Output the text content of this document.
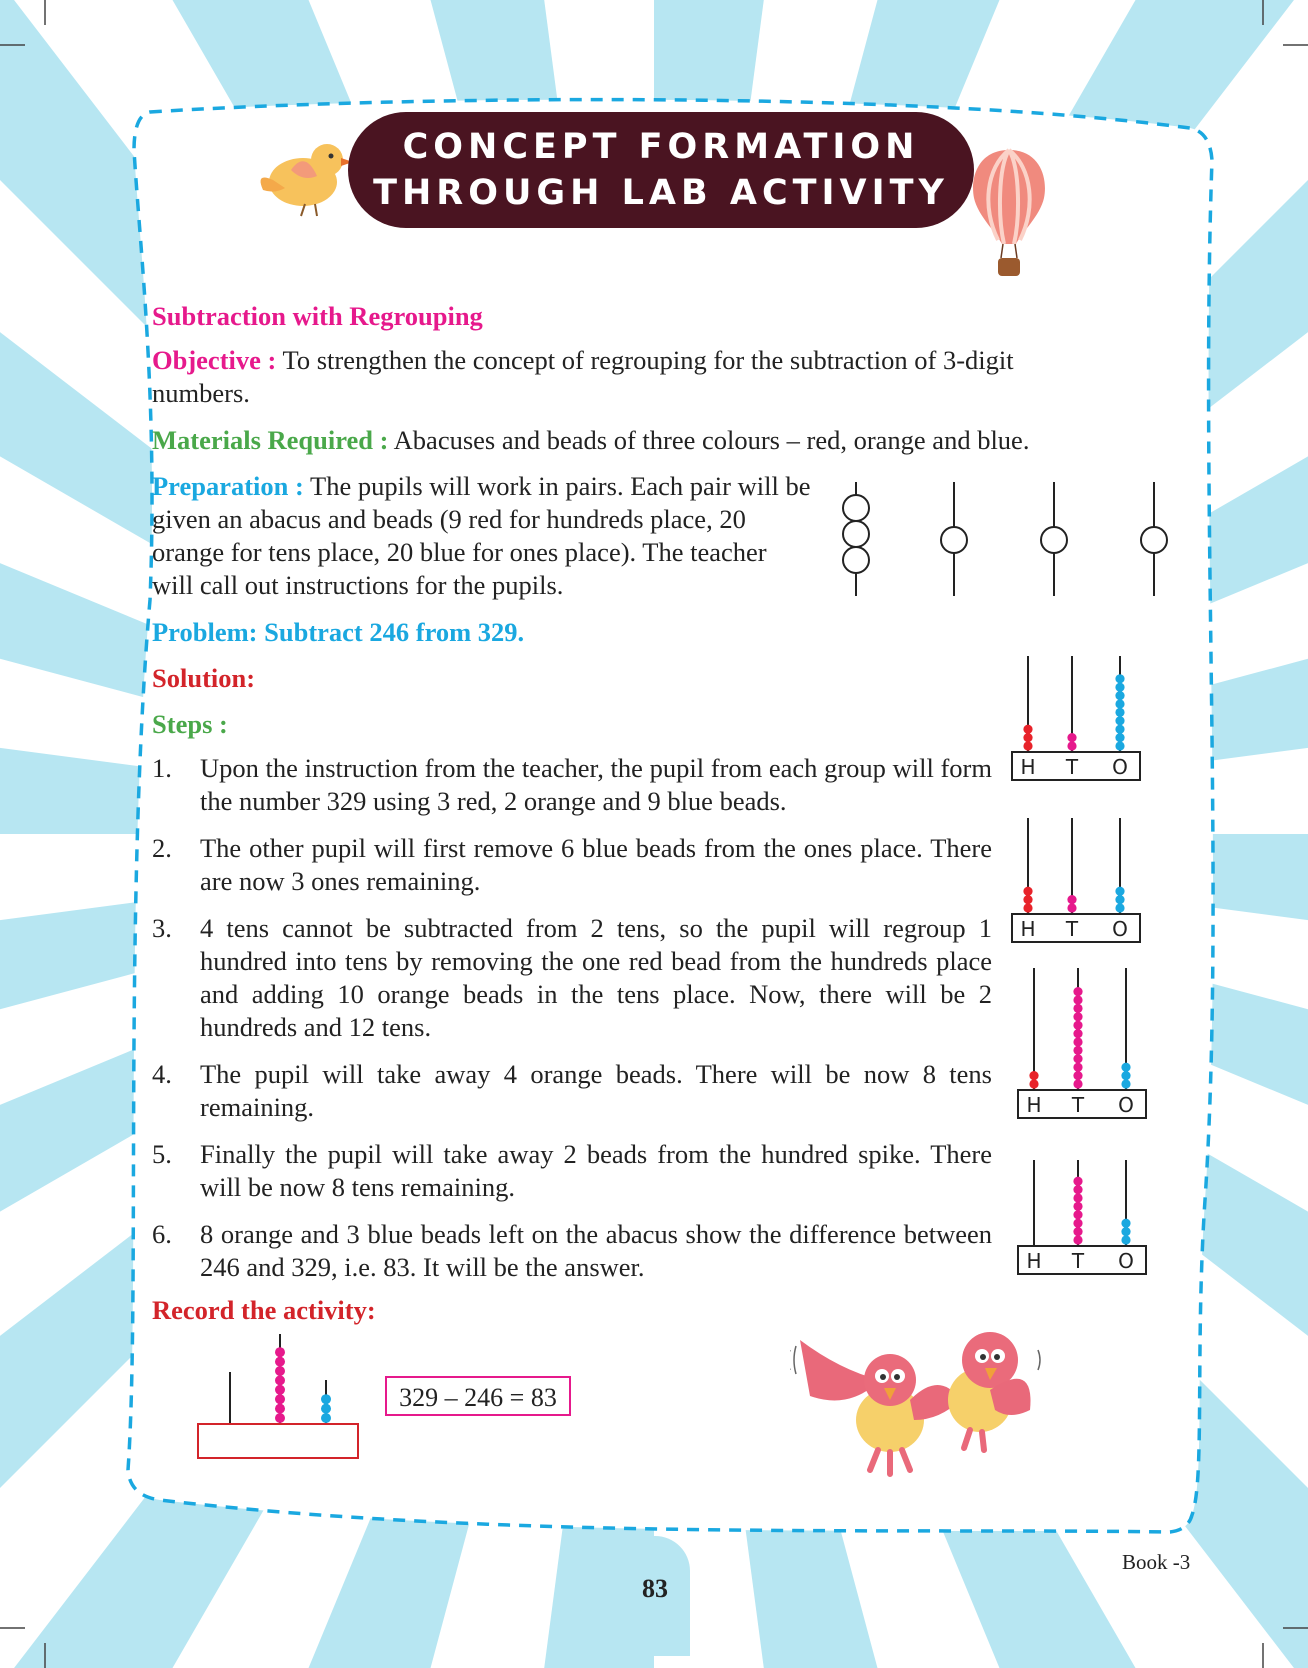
CONCEPT FORMATION
THROUGH LAB ACTIVITY
Subtraction with Regrouping
Objective : To strengthen the concept of regrouping for the subtraction of 3-digit numbers.
Materials Required : Abacuses and beads of three colours – red, orange and blue.
Preparation : The pupils will work in pairs. Each pair will be given an abacus and beads (9 red for hundreds place, 20 orange for tens place, 20 blue for ones place). The teacher will call out instructions for the pupils.
Problem: Subtract 246 from 329.
Solution:
Steps :
1. Upon the instruction from the teacher, the pupil from each group will form the number 329 using 3 red, 2 orange and 9 blue beads.
2. The other pupil will first remove 6 blue beads from the ones place. There are now 3 ones remaining.
3. 4 tens cannot be subtracted from 2 tens, so the pupil will regroup 1 hundred into tens by removing the one red bead from the hundreds place and adding 10 orange beads in the tens place. Now, there will be 2 hundreds and 12 tens.
4. The pupil will take away 4 orange beads. There will be now 8 tens remaining.
5. Finally the pupil will take away 2 beads from the hundred spike. There will be now 8 tens remaining.
6. 8 orange and 3 blue beads left on the abacus show the difference between 246 and 329, i.e. 83. It will be the answer.
H T O
H T O
H T O
H T O
Record the activity:
329 – 246 = 83
83
Book -3
